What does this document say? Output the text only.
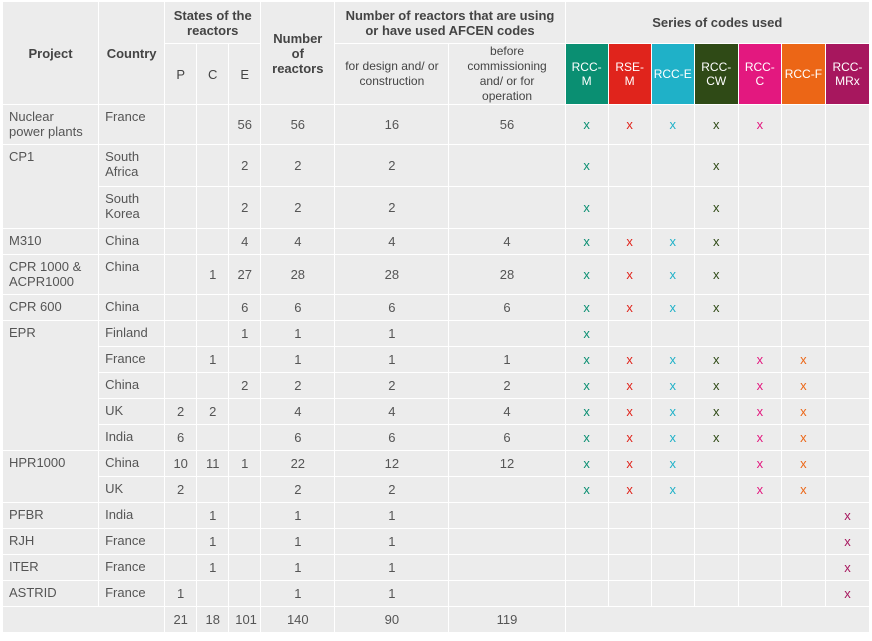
Project	Country	States of the reactors			Number of reactors	Number of reactors that are using or have used AFCEN codes		Series of codes used						
		P	C	E		for design and/ or construction	before commissioning and/ or for operation	RCC-M	RSE-M	RCC-E	RCC-CW	RCC-C	RCC-F	RCC-MRx

Nuclear power plants	France			56	56	16	56	x	x	x	x	x		
CP1	South Africa			2	2	2		x			x			
	South Korea			2	2	2		x			x			
M310	China			4	4	4	4	x	x	x	x			
CPR 1000 & ACPR1000	China		1	27	28	28	28	x	x	x	x			
CPR 600	China			6	6	6	6	x	x	x	x			
EPR	Finland			1	1	1		x						
	France		1		1	1	1	x	x	x	x	x	x	
	China			2	2	2	2	x	x	x	x	x	x	
	UK	2	2		4	4	4	x	x	x	x	x	x	
	India	6			6	6	6	x	x	x	x	x	x	
HPR1000	China	10	11	1	22	12	12	x	x	x		x	x	
	UK	2			2	2		x	x	x		x	x	
PFBR	India		1		1	1								x
RJH	France		1		1	1								x
ITER	France		1		1	1								x
ASTRID	France	1			1	1								x
		21	18	101	140	90	119							
